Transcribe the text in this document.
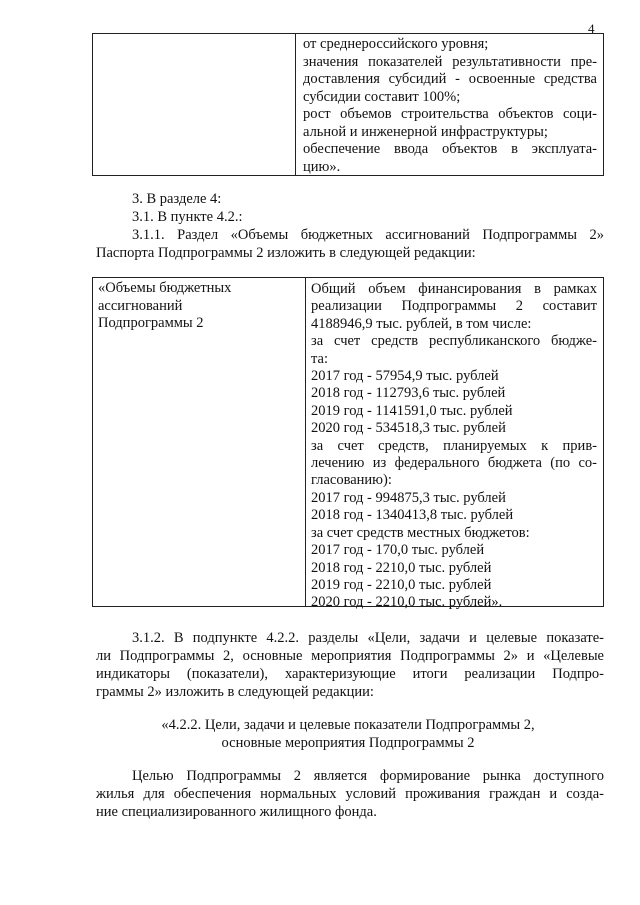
4
от среднероссийского уровня;
значения показателей результативности пре-
доставления субсидий - освоенные средства
субсидии составит 100%;
рост объемов строительства объектов соци-
альной и инженерной инфраструктуры;
обеспечение ввода объектов в эксплуата-
цию».
3. В разделе 4:
3.1. В пункте 4.2.:
3.1.1. Раздел «Объемы бюджетных ассигнований Подпрограммы 2»
Паспорта Подпрограммы 2 изложить в следующей редакции:
«Объемы бюджетных
ассигнований
Подпрограммы 2
Общий объем финансирования в рамках
реализации Подпрограммы 2 составит
4188946,9 тыс. рублей, в том числе:
за счет средств республиканского бюдже-
та:
2017 год - 57954,9 тыс. рублей
2018 год - 112793,6 тыс. рублей
2019 год - 1141591,0 тыс. рублей
2020 год - 534518,3 тыс. рублей
за счет средств, планируемых к прив-
лечению из федерального бюджета (по со-
гласованию):
2017 год - 994875,3 тыс. рублей
2018 год - 1340413,8 тыс. рублей
за счет средств местных бюджетов:
2017 год - 170,0 тыс. рублей
2018 год - 2210,0 тыс. рублей
2019 год - 2210,0 тыс. рублей
2020 год - 2210,0 тыс. рублей».
3.1.2. В подпункте 4.2.2. разделы «Цели, задачи и целевые показате-
ли Подпрограммы 2, основные мероприятия Подпрограммы 2» и «Целевые
индикаторы (показатели), характеризующие итоги реализации Подпро-
граммы 2» изложить в следующей редакции:
«4.2.2. Цели, задачи и целевые показатели Подпрограммы 2,
основные мероприятия Подпрограммы 2
Целью Подпрограммы 2 является формирование рынка доступного
жилья для обеспечения нормальных условий проживания граждан и созда-
ние специализированного жилищного фонда.
